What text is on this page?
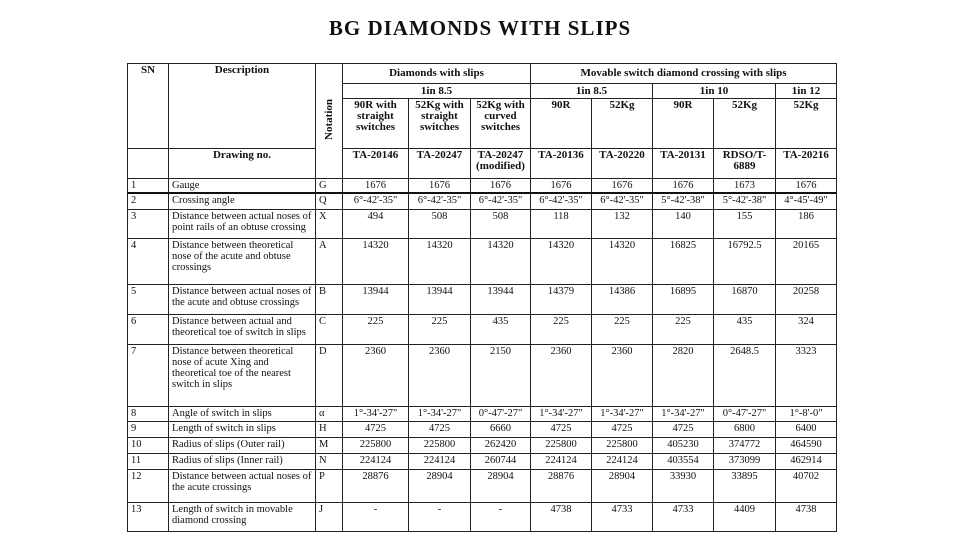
BG DIAMONDS WITH SLIPS
SN	Description	Notation	Diamonds with slips			Movable switch diamond crossing with slips				
			1in 8.5			1in 8.5		1in 10		1in 12
			90R with straight switches	52Kg with straight switches	52Kg with curved switches	90R	52Kg	90R	52Kg	52Kg
	Drawing no.		TA-20146	TA-20247	TA-20247 (modified)	TA-20136	TA-20220	TA-20131	RDSO/T-6889	TA-20216
1	Gauge	G	1676	1676	1676	1676	1676	1676	1673	1676
2	Crossing angle	Q	6°-42'-35"	6°-42'-35"	6°-42'-35"	6°-42'-35"	6°-42'-35"	5°-42'-38"	5°-42'-38"	4°-45'-49"
3	Distance between actual noses of point rails of an obtuse crossing	X	494	508	508	118	132	140	155	186
4	Distance between theoretical nose of the acute and obtuse crossings	A	14320	14320	14320	14320	14320	16825	16792.5	20165
5	Distance between actual noses of the acute and obtuse crossings	B	13944	13944	13944	14379	14386	16895	16870	20258
6	Distance between actual and theoretical toe of switch in slips	C	225	225	435	225	225	225	435	324
7	Distance between theoretical nose of acute Xing and theoretical toe of the nearest switch in slips	D	2360	2360	2150	2360	2360	2820	2648.5	3323
8	Angle of switch in slips	α	1°-34'-27"	1°-34'-27"	0°-47'-27"	1°-34'-27"	1°-34'-27"	1°-34'-27"	0°-47'-27"	1°-8'-0"
9	Length of switch in slips	H	4725	4725	6660	4725	4725	4725	6800	6400
10	Radius of slips (Outer rail)	M	225800	225800	262420	225800	225800	405230	374772	464590
11	Radius of slips (Inner rail)	N	224124	224124	260744	224124	224124	403554	373099	462914
12	Distance between actual noses of the acute crossings	P	28876	28904	28904	28876	28904	33930	33895	40702
13	Length of switch in movable diamond crossing	J	-	-	-	4738	4733	4733	4409	4738
